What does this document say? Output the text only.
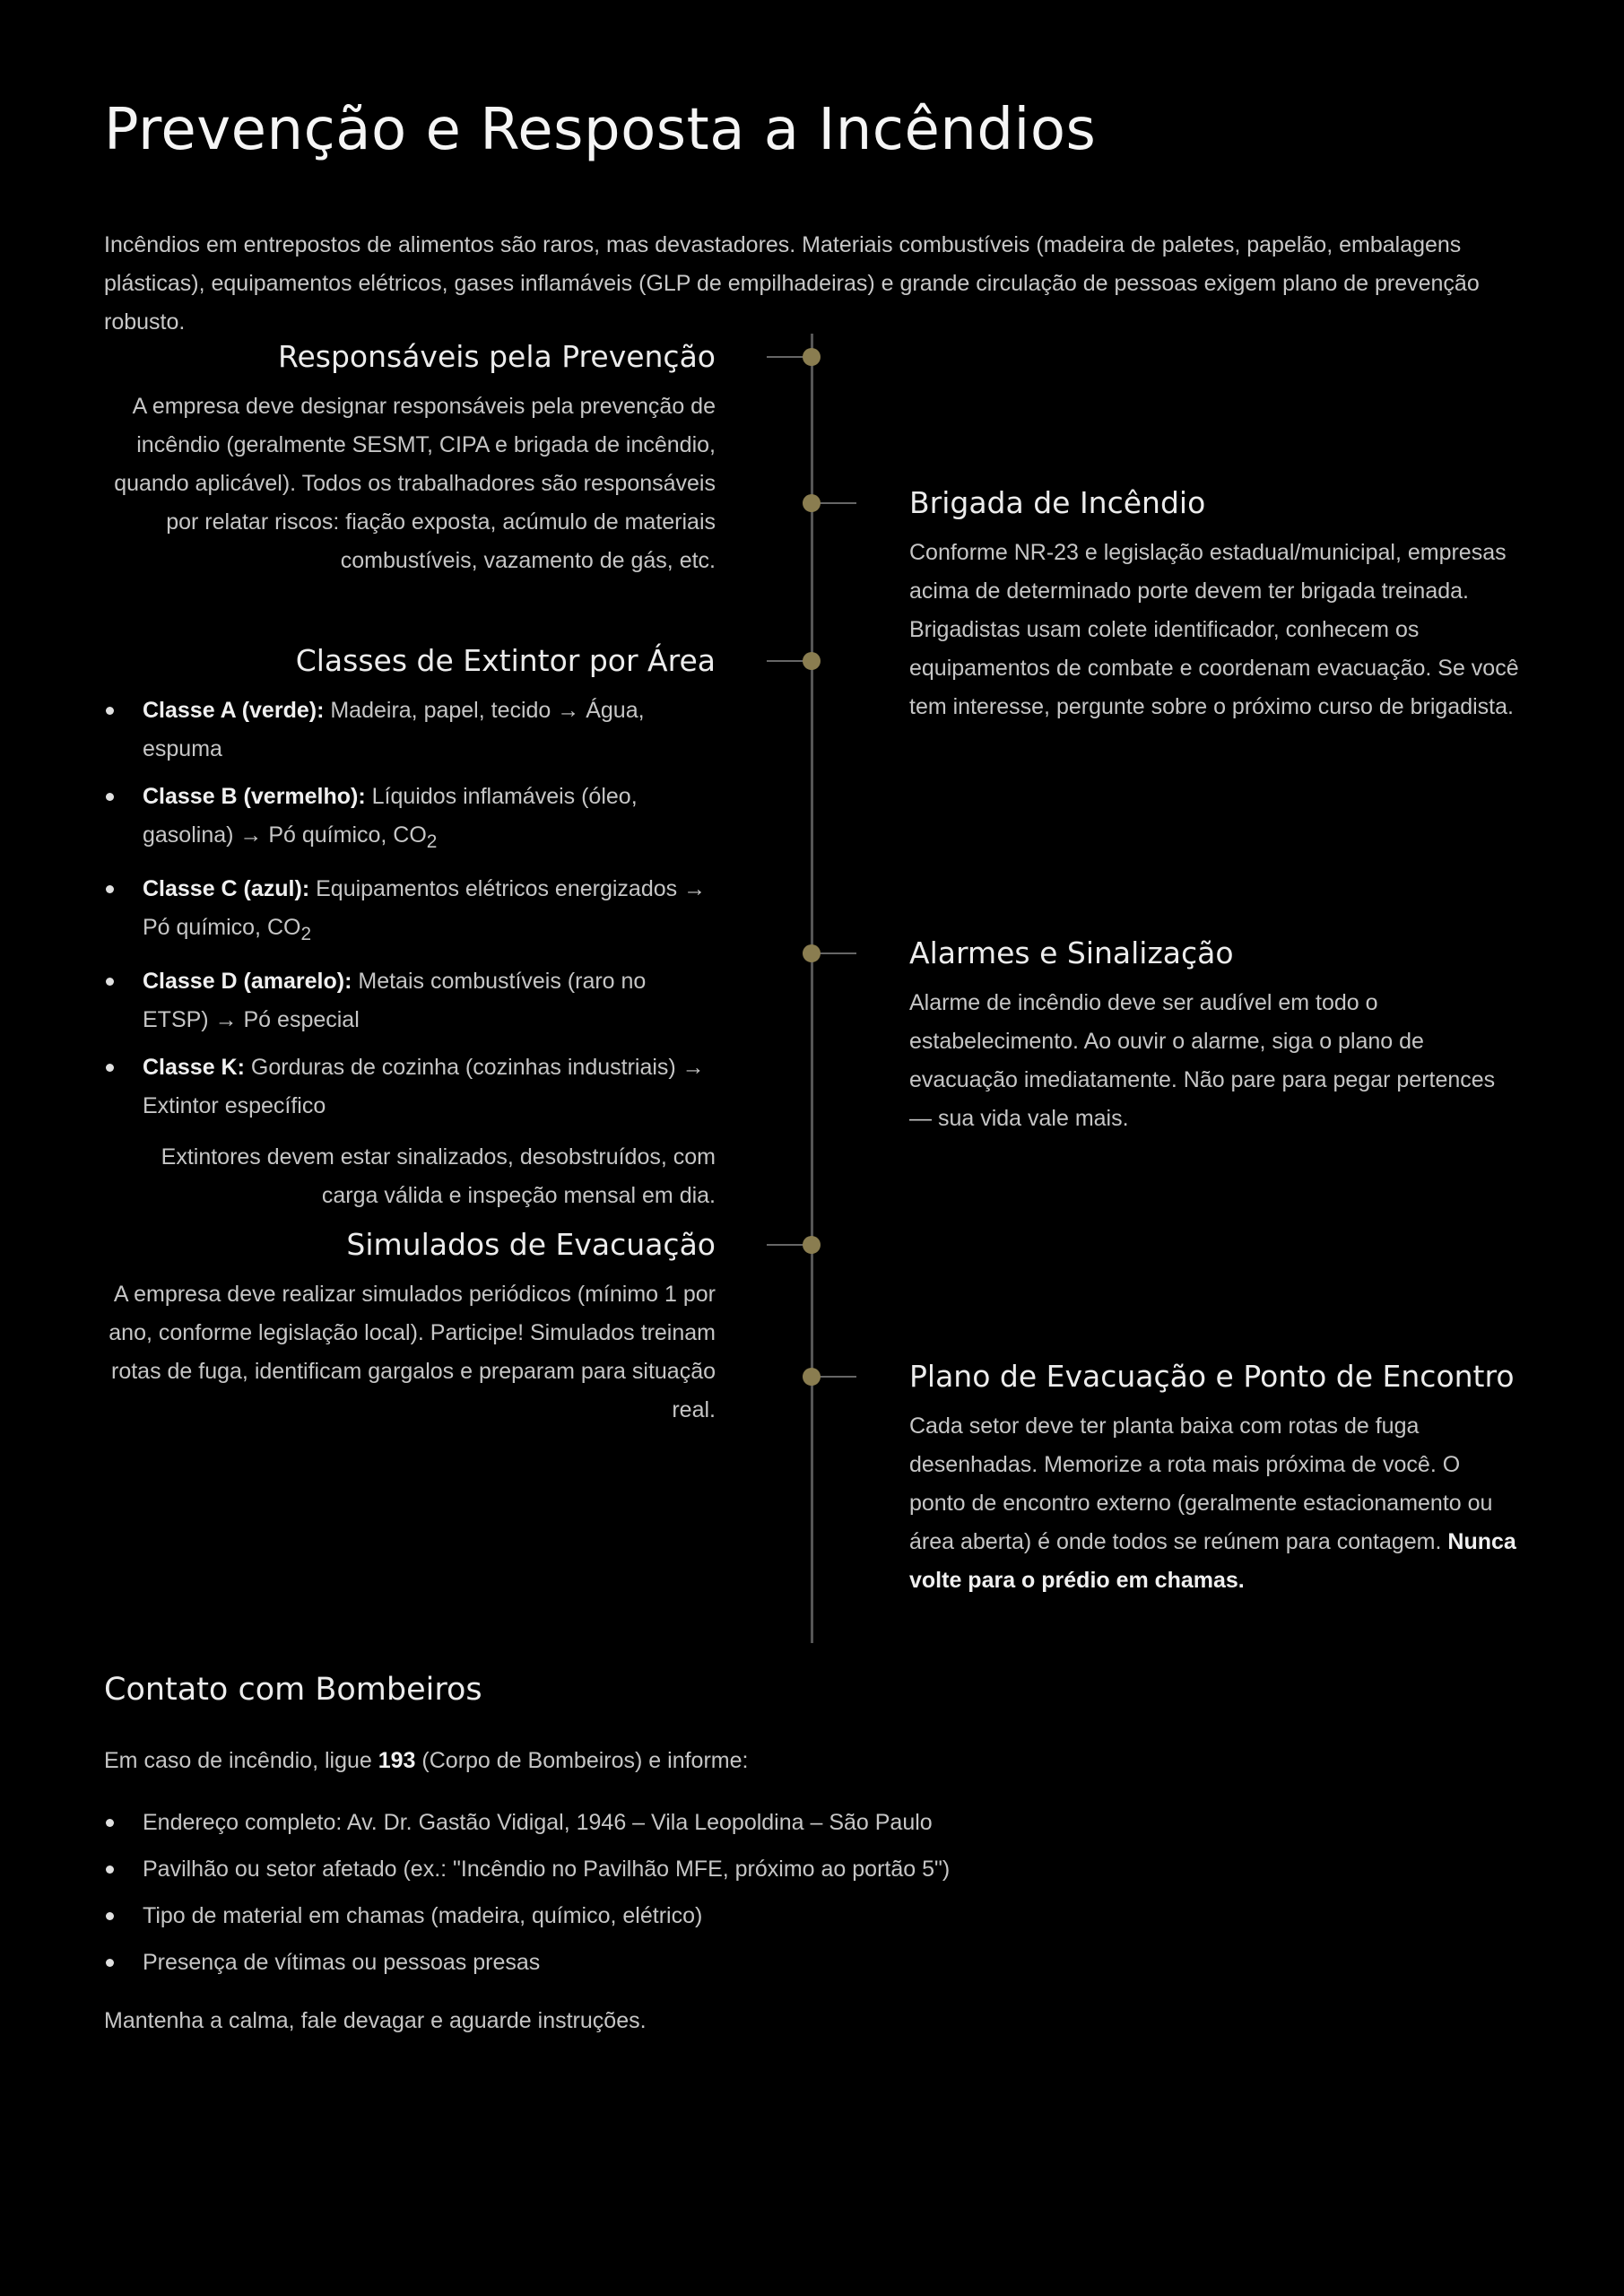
Prevenção e Resposta a Incêndios

Incêndios em entrepostos de alimentos são raros, mas devastadores. Materiais combustíveis (madeira de paletes, papelão, embalagens plásticas), equipamentos elétricos, gases inflamáveis (GLP de empilhadeiras) e grande circulação de pessoas exigem plano de prevenção robusto.

Responsáveis pela Prevenção

A empresa deve designar responsáveis pela prevenção de incêndio (geralmente SESMT, CIPA e brigada de incêndio, quando aplicável). Todos os trabalhadores são responsáveis por relatar riscos: fiação exposta, acúmulo de materiais combustíveis, vazamento de gás, etc.

Brigada de Incêndio

Conforme NR-23 e legislação estadual/municipal, empresas acima de determinado porte devem ter brigada treinada. Brigadistas usam colete identificador, conhecem os equipamentos de combate e coordenam evacuação. Se você tem interesse, pergunte sobre o próximo curso de brigadista.

Classes de Extintor por Área
Classe A (verde): Madeira, papel, tecido → Água, espuma
Classe B (vermelho): Líquidos inflamáveis (óleo, gasolina) → Pó químico, $CO_2$
Classe C (azul): Equipamentos elétricos energizados → Pó químico, $CO_2$
Classe D (amarelo): Metais combustíveis (raro no ETSP) → Pó especial
Classe K: Gorduras de cozinha (cozinhas industriais) → Extintor específico

Extintores devem estar sinalizados, desobstruídos, com carga válida e inspeção mensal em dia.

Alarmes e Sinalização

Alarme de incêndio deve ser audível em todo o estabelecimento. Ao ouvir o alarme, siga o plano de evacuação imediatamente. Não pare para pegar pertences — sua vida vale mais.

Simulados de Evacuação

A empresa deve realizar simulados periódicos (mínimo 1 por ano, conforme legislação local). Participe! Simulados treinam rotas de fuga, identificam gargalos e preparam para situação real.

Plano de Evacuação e Ponto de Encontro

Cada setor deve ter planta baixa com rotas de fuga desenhadas. Memorize a rota mais próxima de você. O ponto de encontro externo (geralmente estacionamento ou área aberta) é onde todos se reúnem para contagem. Nunca volte para o prédio em chamas.

Contato com Bombeiros

Em caso de incêndio, ligue 193 (Corpo de Bombeiros) e informe:

Endereço completo: Av. Dr. Gastão Vidigal, 1946 – Vila Leopoldina – São Paulo
Pavilhão ou setor afetado (ex.: "Incêndio no Pavilhão MFE, próximo ao portão 5")
Tipo de material em chamas (madeira, químico, elétrico)
Presença de vítimas ou pessoas presas

Mantenha a calma, fale devagar e aguarde instruções.
